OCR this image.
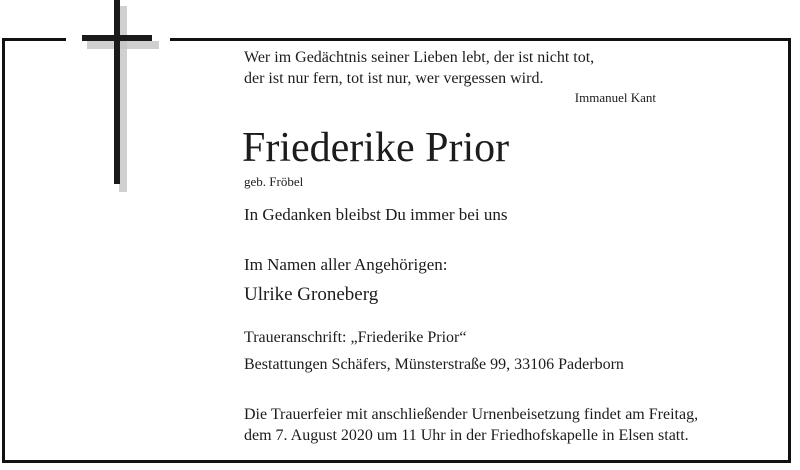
Wer im Gedächtnis seiner Lieben lebt, der ist nicht tot,
der ist nur fern, tot ist nur, wer vergessen wird.
Immanuel Kant
Friederike Prior
geb. Fröbel
In Gedanken bleibst Du immer bei uns
Im Namen aller Angehörigen:
Ulrike Groneberg
Traueranschrift: „Friederike Prior“
Bestattungen Schäfers, Münsterstraße 99, 33106 Paderborn
Die Trauerfeier mit anschließender Urnenbeisetzung findet am Freitag,
dem 7. August 2020 um 11 Uhr in der Friedhofskapelle in Elsen statt.
